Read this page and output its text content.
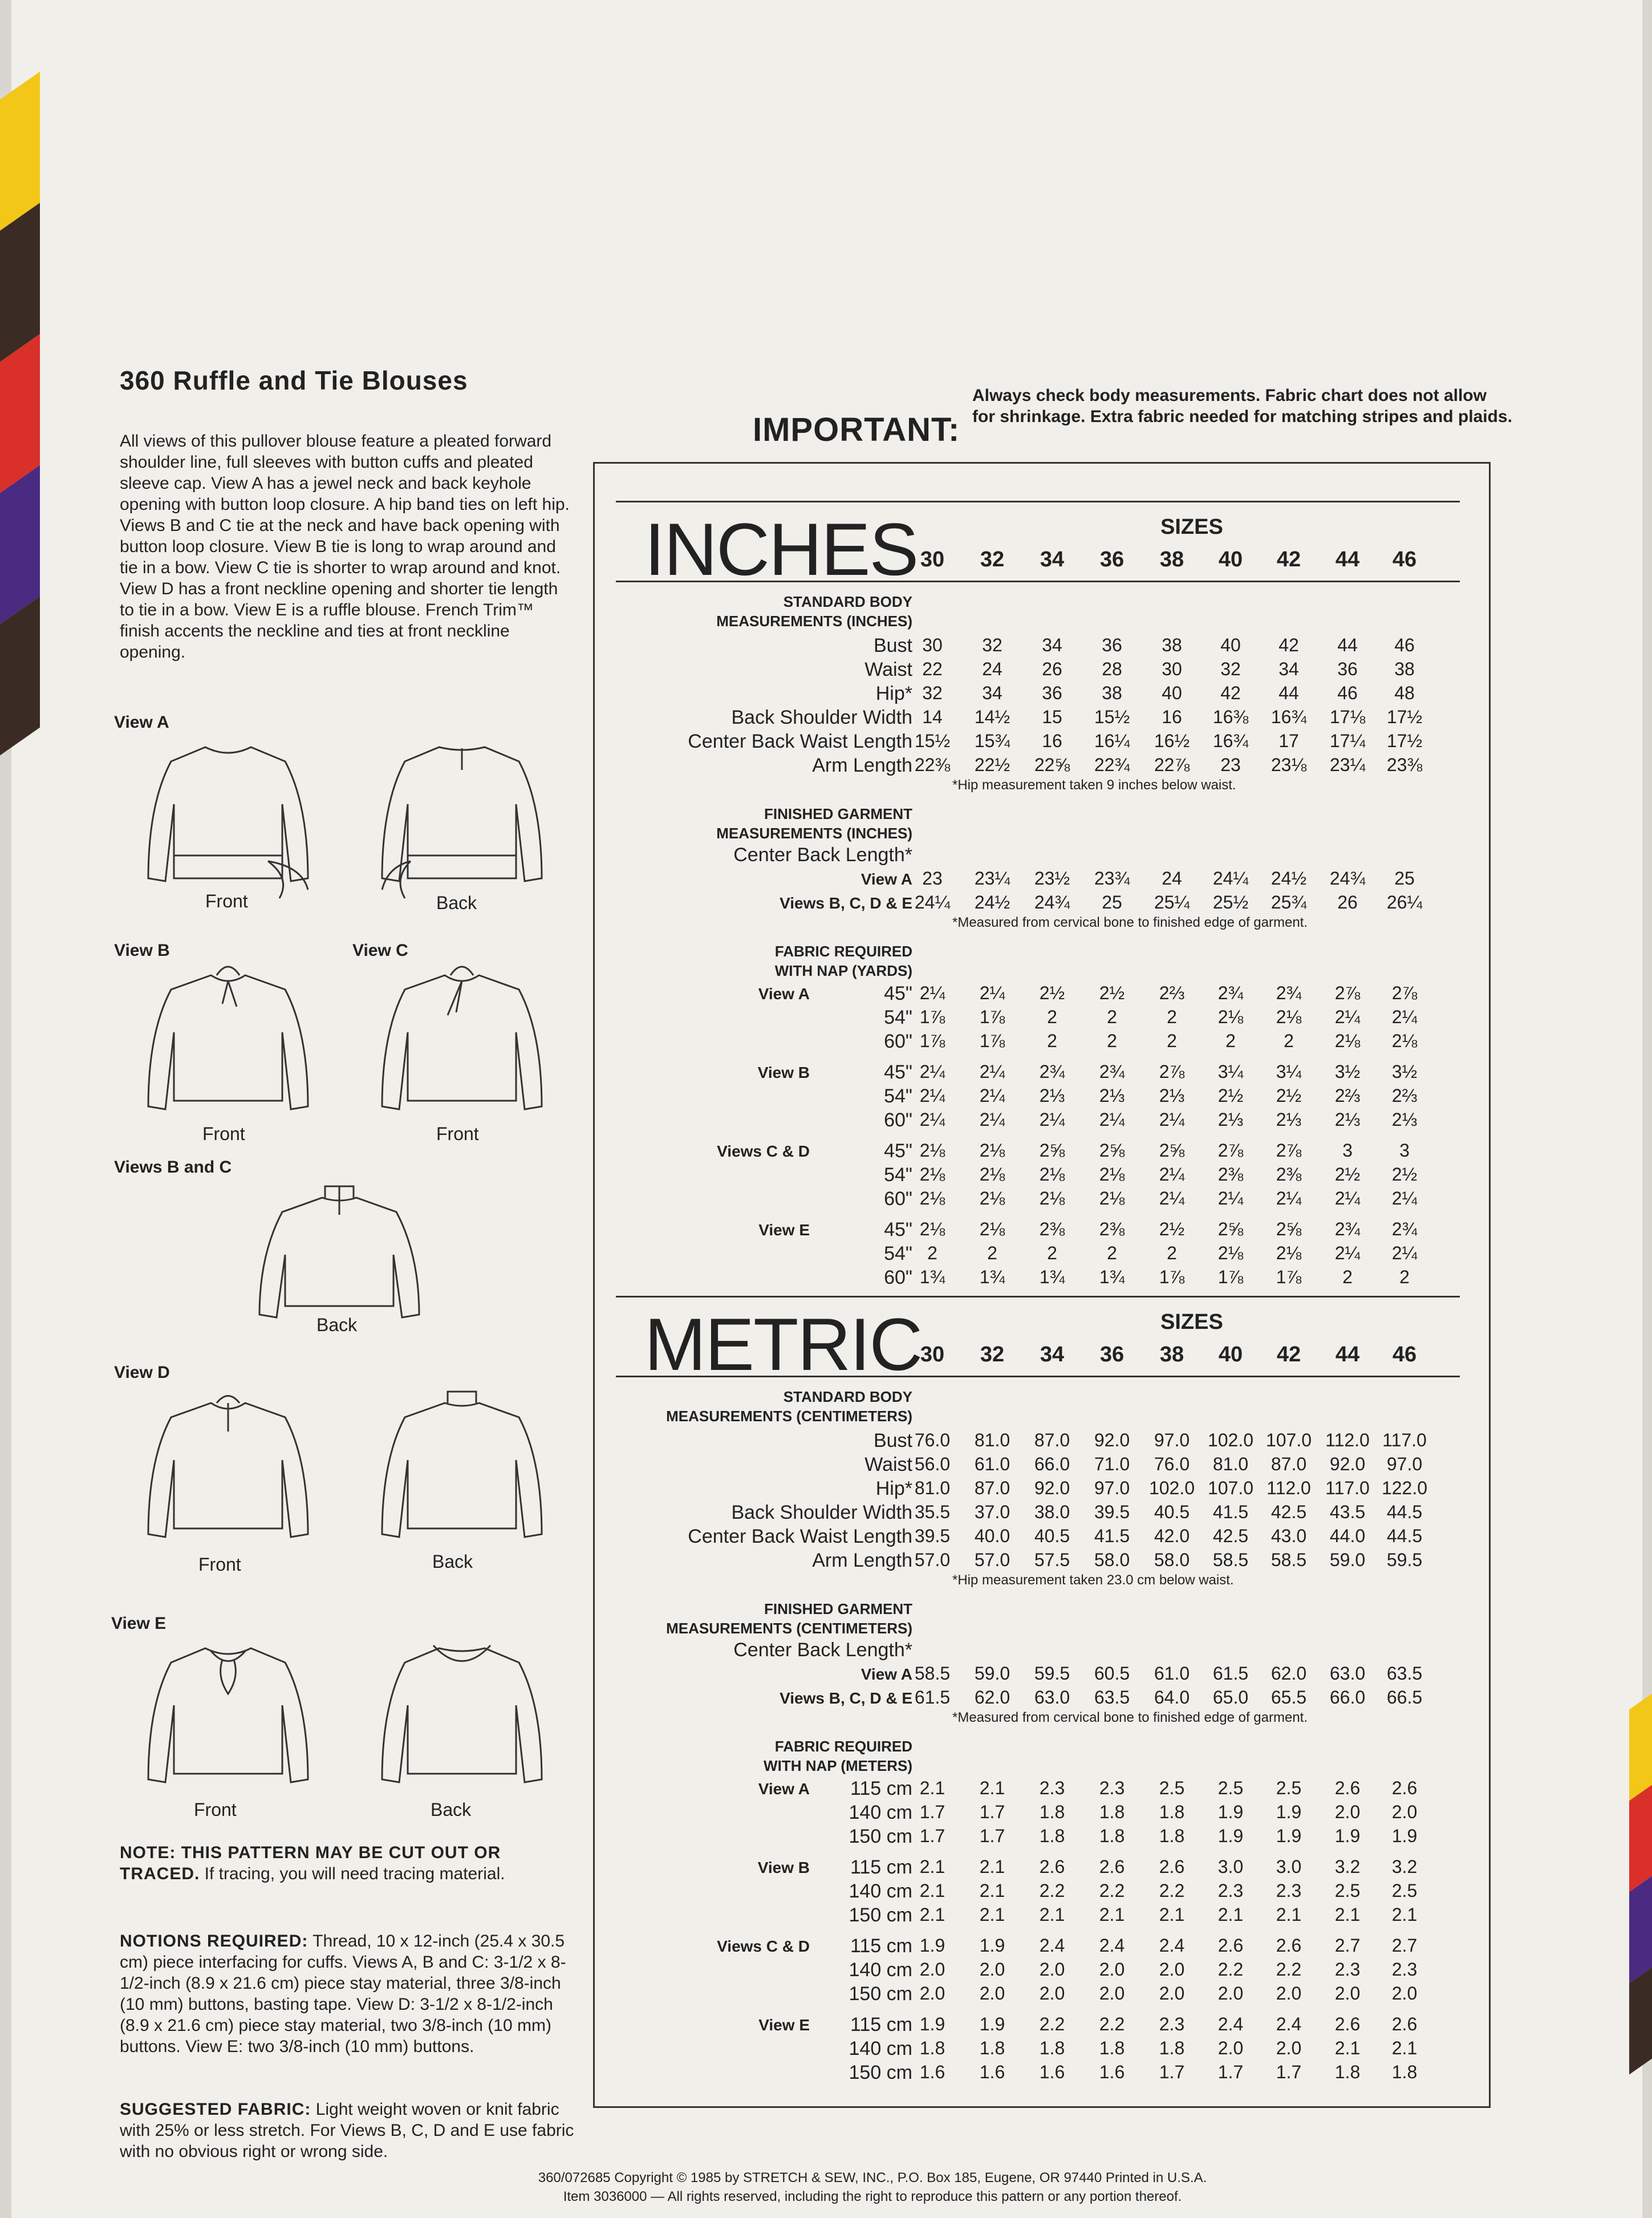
360 Ruffle and Tie Blouses
All views of this pullover blouse feature a pleated forward shoulder line, full sleeves with button cuffs and pleated sleeve cap. View A has a jewel neck and back keyhole opening with button loop closure. A hip band ties on left hip. Views B and C tie at the neck and have back opening with button loop closure. View B tie is long to wrap around and tie in a bow. View C tie is shorter to wrap around and knot. View D has a front neckline opening and shorter tie length to tie in a bow. View E is a ruffle blouse. French Trim™ finish accents the neckline and ties at front neckline opening.
View A
Front	Back
View B
Front
View C
Front
Views B and C
Back
View D
Front	Back
View E
Front	Back
NOTE: THIS PATTERN MAY BE CUT OUT OR TRACED. If tracing, you will need tracing material.
NOTIONS REQUIRED: Thread, 10 x 12-inch (25.4 x 30.5 cm) piece interfacing for cuffs. Views A, B and C: 3-1/2 x 8-1/2-inch (8.9 x 21.6 cm) piece stay material, three 3/8-inch (10 mm) buttons, basting tape. View D: 3-1/2 x 8-1/2-inch (8.9 x 21.6 cm) piece stay material, two 3/8-inch (10 mm) buttons. View E: two 3/8-inch (10 mm) buttons.
SUGGESTED FABRIC: Light weight woven or knit fabric with 25% or less stretch. For Views B, C, D and E use fabric with no obvious right or wrong side.
IMPORTANT:
Always check body measurements. Fabric chart does not allow for shrinkage. Extra fabric needed for matching stripes and plaids.
INCHES	SIZES
30	32	34	36	38	40	42	44	46
STANDARD BODY
MEASUREMENTS (INCHES)
Bust 30	32	34	36	38	40	42	44	46
Waist 22	24	26	28	30	32	34	36	38
Hip* 32	34	36	38	40	42	44	46	48
Back Shoulder Width 14	14½	15	15½	16	16⅜	16¾	17⅛	17½
Center Back Waist Length 15½	15¾	16	16¼	16½	16¾	17	17¼	17½
Arm Length 22⅜	22½	22⅝	22¾	22⅞	23	23⅛	23¼	23⅜
*Hip measurement taken 9 inches below waist.
FINISHED GARMENT
MEASUREMENTS (INCHES)
Center Back Length*
View A 23	23¼	23½	23¾	24	24¼	24½	24¾	25
Views B, C, D & E 24¼	24½	24¾	25	25¼	25½	25¾	26	26¼
*Measured from cervical bone to finished edge of garment.
FABRIC REQUIRED
WITH NAP (YARDS)
View A	45" 2¼	2¼	2½	2½	2⅔	2¾	2¾	2⅞	2⅞
54" 1⅞	1⅞	2	2	2	2⅛	2⅛	2¼	2¼
60" 1⅞	1⅞	2	2	2	2	2	2⅛	2⅛
View B	45" 2¼	2¼	2¾	2¾	2⅞	3¼	3¼	3½	3½
54" 2¼	2¼	2⅓	2⅓	2⅓	2½	2½	2⅔	2⅔
60" 2¼	2¼	2¼	2¼	2¼	2⅓	2⅓	2⅓	2⅓
Views C & D	45" 2⅛	2⅛	2⅝	2⅝	2⅝	2⅞	2⅞	3	3
54" 2⅛	2⅛	2⅛	2⅛	2¼	2⅜	2⅜	2½	2½
60" 2⅛	2⅛	2⅛	2⅛	2¼	2¼	2¼	2¼	2¼
View E	45" 2⅛	2⅛	2⅜	2⅜	2½	2⅝	2⅝	2¾	2¾
54" 2	2	2	2	2	2⅛	2⅛	2¼	2¼
60" 1¾	1¾	1¾	1¾	1⅞	1⅞	1⅞	2	2
METRIC	SIZES
30	32	34	36	38	40	42	44	46
STANDARD BODY
MEASUREMENTS (CENTIMETERS)
Bust 76.0	81.0	87.0	92.0	97.0 102.0 107.0 112.0 117.0
Waist 56.0	61.0	66.0	71.0	76.0	81.0	87.0	92.0	97.0
Hip* 81.0	87.0	92.0	97.0	102.0 107.0 112.0 117.0 122.0
Back Shoulder Width 35.5	37.0	38.0	39.5	40.5	41.5	42.5	43.5	44.5
Center Back Waist Length 39.5	40.0	40.5	41.5	42.0	42.5	43.0	44.0	44.5
Arm Length 57.0	57.0	57.5	58.0	58.0	58.5	58.5	59.0	59.5
*Hip measurement taken 23.0 cm below waist.
FINISHED GARMENT
MEASUREMENTS (CENTIMETERS)
Center Back Length*
View A 58.5	59.0	59.5	60.5	61.0	61.5	62.0	63.0	63.5
Views B, C, D & E 61.5	62.0	63.0	63.5	64.0	65.0	65.5	66.0	66.5
*Measured from cervical bone to finished edge of garment.
FABRIC REQUIRED
WITH NAP (METERS)
View A	115 cm 2.1	2.1	2.3	2.3	2.5	2.5	2.5	2.6	2.6
140 cm 1.7	1.7	1.8	1.8	1.8	1.9	1.9	2.0	2.0
150 cm 1.7	1.7	1.8	1.8	1.8	1.9	1.9	1.9	1.9
View B	115 cm 2.1	2.1	2.6	2.6	2.6	3.0	3.0	3.2	3.2
140 cm 2.1	2.1	2.2	2.2	2.2	2.3	2.3	2.5	2.5
150 cm 2.1	2.1	2.1	2.1	2.1	2.1	2.1	2.1	2.1
Views C & D	115 cm 1.9	1.9	2.4	2.4	2.4	2.6	2.6	2.7	2.7
140 cm 2.0	2.0	2.0	2.0	2.0	2.2	2.2	2.3	2.3
150 cm 2.0	2.0	2.0	2.0	2.0	2.0	2.0	2.0	2.0
View E	115 cm 1.9	1.9	2.2	2.2	2.3	2.4	2.4	2.6	2.6
140 cm 1.8	1.8	1.8	1.8	1.8	2.0	2.0	2.1	2.1
150 cm 1.6	1.6	1.6	1.6	1.7	1.7	1.7	1.8	1.8
360/072685 Copyright © 1985 by STRETCH & SEW, INC., P.O. Box 185, Eugene, OR 97440 Printed in U.S.A.
Item 3036000 — All rights reserved, including the right to reproduce this pattern or any portion thereof.
